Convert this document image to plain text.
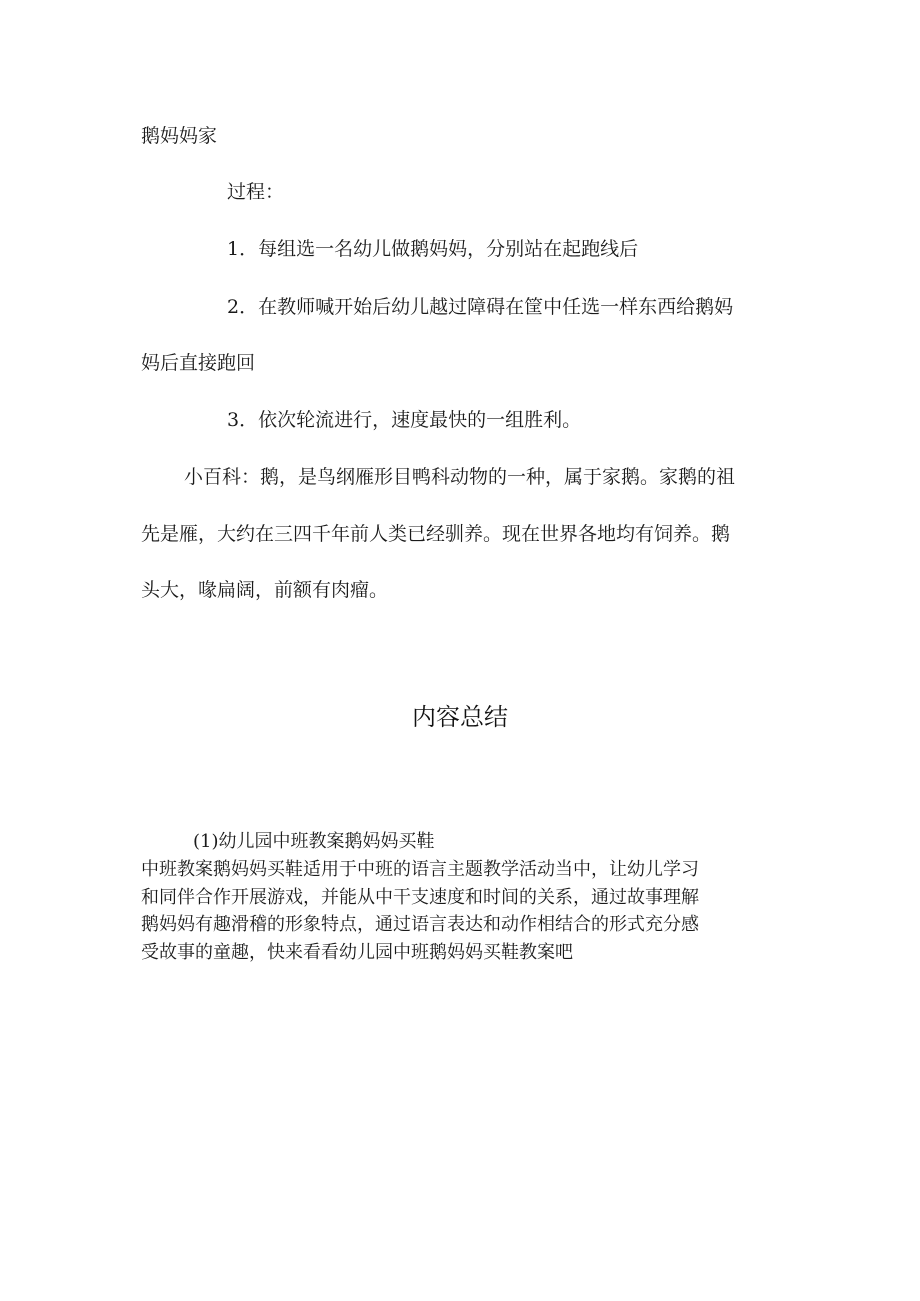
鹅妈妈家
过程：
1．每组选一名幼儿做鹅妈妈，分别站在起跑线后
2．在教师喊开始后幼儿越过障碍在筐中任选一样东西给鹅妈
妈后直接跑回
3．依次轮流进行，速度最快的一组胜利。
小百科：鹅，是鸟纲雁形目鸭科动物的一种，属于家鹅。家鹅的祖
先是雁，大约在三四千年前人类已经驯养。现在世界各地均有饲养。鹅
头大，喙扁阔，前额有肉瘤。
内容总结
(1)幼儿园中班教案鹅妈妈买鞋
中班教案鹅妈妈买鞋适用于中班的语言主题教学活动当中，让幼儿学习
和同伴合作开展游戏，并能从中干支速度和时间的关系，通过故事理解
鹅妈妈有趣滑稽的形象特点，通过语言表达和动作相结合的形式充分感
受故事的童趣，快来看看幼儿园中班鹅妈妈买鞋教案吧
